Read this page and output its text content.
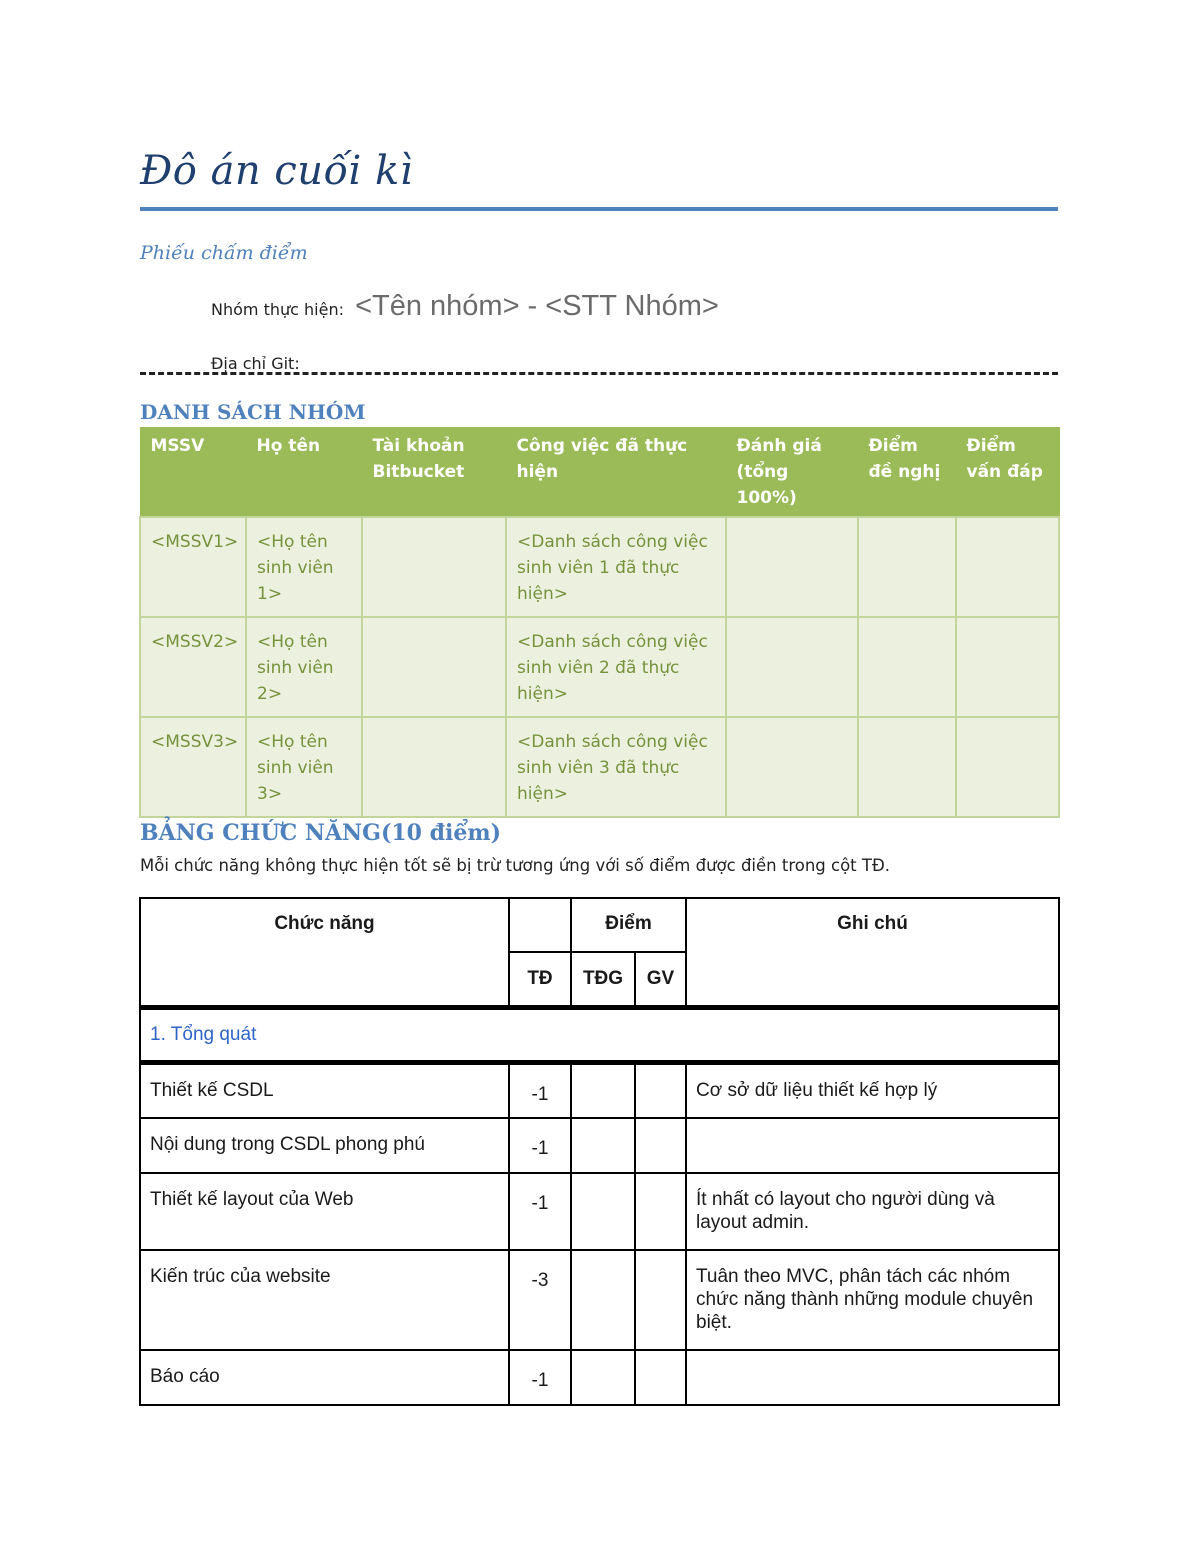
Đô án cuối kì
Phiếu chấm điểm
Nhóm thực hiện: <Tên nhóm> - <STT Nhóm>
Địa chỉ Git:
DANH SÁCH NHÓM
MSSV	Họ tên	Tài khoản Bitbucket	Công việc đã thực hiện	Đánh giá (tổng 100%)	Điểm đề nghị	Điểm vấn đáp
<MSSV1>	<Họ tên sinh viên 1>		<Danh sách công việc sinh viên 1 đã thực hiện>			
<MSSV2>	<Họ tên sinh viên 2>		<Danh sách công việc sinh viên 2 đã thực hiện>			
<MSSV3>	<Họ tên sinh viên 3>		<Danh sách công việc sinh viên 3 đã thực hiện>			
BẢNG CHỨC NĂNG(10 điểm)
Mỗi chức năng không thực hiện tốt sẽ bị trừ tương ứng với số điểm được điền trong cột TĐ.
Chức năng		Điểm		Ghi chú
	TĐ	TĐG	GV	
1. Tổng quát				
Thiết kế CSDL	-1			Cơ sở dữ liệu thiết kế hợp lý
Nội dung trong CSDL phong phú	-1			
Thiết kế layout của Web	-1			Ít nhất có layout cho người dùng và layout admin.
Kiến trúc của website	-3			Tuân theo MVC, phân tách các nhóm chức năng thành những module chuyên biệt.
Báo cáo	-1			
